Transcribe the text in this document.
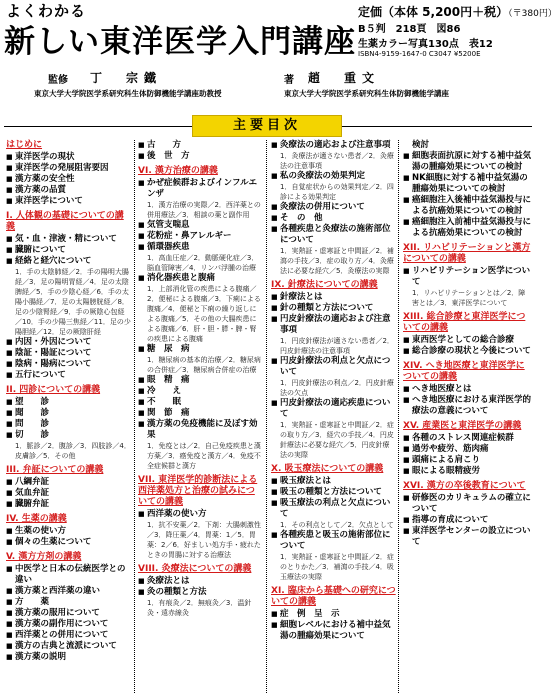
よくわかる
新しい東洋医学入門講座
定価（本体 5,200円＋税）（〒380円）
B５判　218頁　図86
生薬カラー写真130点　表12
ISBN4-9159-1647-0 C3047 ¥5200E
監修 丁　宗鐵
東京大学大学院医学系研究科生体防御機能学講座助教授
著 趙　重文
東京大学大学院医学系研究科生体防御機能学講座
主要目次
はじめに
■ 東洋医学の現状
■ 東洋医学の発展阻害要因
■ 漢方薬の安全性
■ 漢方薬の品質
■ 東洋医学について
I. 人体観の基礎についての講義
■ 気・血・津液・精について
■ 臓腑について
■ 経絡と経穴について
1．手の太陰肺経／2．手の陽明大腸経／3．足の陽明胃経／4．足の太陰脾経／5．手の少陰心経／6．手の太陽小腸経／7．足の太陽膀胱経／8．足の少陰腎経／9．手の厥陰心包経／10．手の少陽三焦経／11．足の少陽胆経／12．足の厥陰肝経
■ 内因・外因について
■ 陰証・陽証について
■ 陰病・陽病について
■ 五行について
II. 四診についての講義
■ 望　　診
■ 聞　　診
■ 問　　診
■ 切　　診
1．脈診／2．腹診／3．四肢診／4．皮膚診／5．その他
III. 弁証についての講義
■ 八綱弁証
■ 気血弁証
■ 臓腑弁証
IV. 生薬の講義
■ 生薬の使い方
■ 個々の生薬について
V. 漢方方剤の講義
■ 中医学と日本の伝統医学との違い
■ 漢方薬と西洋薬の違い
■ 方　　薬
■ 漢方薬の服用について
■ 漢方薬の副作用について
■ 西洋薬との併用について
■ 漢方の古典と流派について
■ 漢方薬の説明
■ 古　　方
■ 後　世　方
VI. 漢方治療の講義
■ かぜ症候群およびインフルエンザ
1．漢方治療の実際／2．西洋薬との併用療法／3．相談の薬と副作用
■ 気管支喘息
■ 花粉症・鼻アレルギー
■ 循環器疾患
1．高血圧症／2．動脈硬化症／3．脳血管障害／4．リンパ浮腫の治療
■ 消化器疾患と腹痛
1．上部消化管の疾患による腹痛／2．便秘による腹痛／3．下痢による腹痛／4．便秘と下痢の繰り返しによる腹痛／5．その他の大腸疾患による腹痛／6．肝・胆・膵・脾・腎の疾患による腹痛
■ 糖　尿　病
1．糖尿病の基本的治療／2．糖尿病の合併症／3．糖尿病合併症の治療
■ 眼　精　痛
■ 冷　　え
■ 不　　眠
■ 関　節　痛
■ 漢方薬の免疫機能に及ぼす効果
1．免疫とは／2．自己免疫疾患と漢方薬／3．癌免疫と漢方／4．免疫不全症候群と漢方
VII. 東洋医学的診断法による西洋薬処方と治療の試みについての講義
■ 西洋薬の使い方
1．抗不安薬／2．下剤：大腸刺激性／3．降圧薬／4．胃薬：1／5．胃薬：2／6．好ましい処方手・疲れたときの胃腸に対する治療法
VIII. 灸療法についての講義
■ 灸療法とは
■ 灸の種類と方法
1．有痕灸／2．無痕灸／3．温針灸・遠赤線灸
■ 灸療法の適応および注意事項
1．灸療法が適さない患者／2．灸療法の注意事項
■ 私の灸療法の効果判定
1．自覚症状からの効果判定／2．四診による効果判定
■ 灸療法の併用について
■ そ　の　他
■ 各種疾患と灸療法の施術部位について
1．実熱証・虚寒証と中間証／2．補瀉の手技／3．症の取り方／4．灸療法に必要な経穴／5．灸療法の実際
IX. 針療法についての講義
■ 針療法とは
■ 針の種類と方法について
■ 円皮針療法の適応および注意事項
1．円皮針療法が適さない患者／2．円皮針療法の注意事項
■ 円皮針療法の利点と欠点について
1．円皮針療法の利点／2．円皮針療法の欠点
■ 円皮針療法の適応疾患について
1．実熱証・虚寒証と中間証／2．症の取り方／3．経穴の手技／4．円皮針療法に必要な経穴／5．円皮針療法の実際
X. 吸玉療法についての講義
■ 吸玉療法とは
■ 吸玉の種類と方法について
■ 吸玉療法の利点と欠点について
1．その利点として／2．欠点として
■ 各種疾患と吸玉の施術部位について
1．実熱証・虚寒証と中間証／2．症のとりかた／3．補瀉の手技／4．吸玉療法の実際
XI. 臨床から基礎への研究についての講義
■ 症　例　呈　示
■ 細胞レベルにおける補中益気湯の腫瘍効果について
検討
■ 細胞表面抗原に対する補中益気湯の腫瘍効果についての検討
■ NK細胞に対する補中益気湯の腫瘍効果についての検討
■ 癌細胞注入後補中益気湯投与による抗癌効果についての検討
■ 癌細胞注入前補中益気湯投与による抗癌効果についての検討
XII. リハビリテーションと漢方についての講義
■ リハビリテーション医学について
1．リハビリテーションとは／2．障害とは／3．東洋医学について
XIII. 総合診療と東洋医学についての講義
■ 東西医学としての総合診療
■ 総合診療の現状と今後について
XIV. へき地医療と東洋医学についての講義
■ へき地医療とは
■ へき地医療における東洋医学的療法の意義について
XV. 産業医と東洋医学の講義
■ 各種のストレス関連症候群
■ 過労や疲労、筋肉痛
■ 頭痛による肩こり
■ 眼による眼精疲労
XVI. 漢方の卒後教育について
■ 研修医のカリキュラムの確立について
■ 指導の育成について
■ 東洋医学センターの設立について
